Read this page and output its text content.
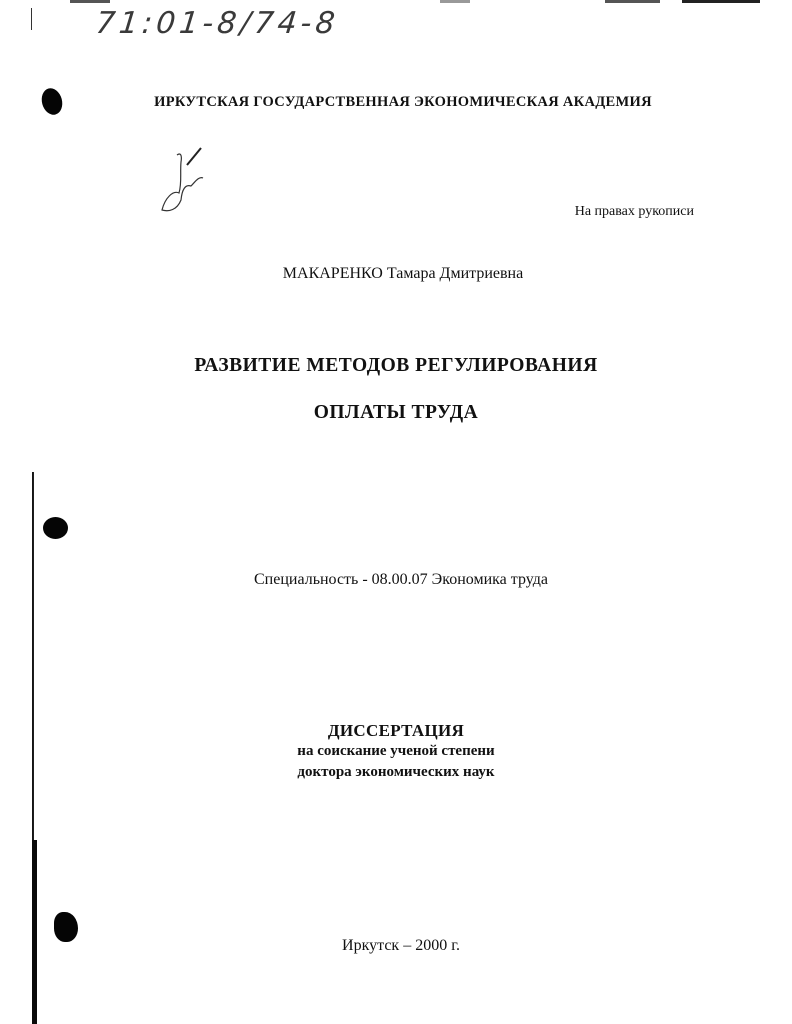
71:01-8/74-8
ИРКУТСКАЯ ГОСУДАРСТВЕННАЯ ЭКОНОМИЧЕСКАЯ АКАДЕМИЯ
На правах рукописи
МАКАРЕНКО Тамара Дмитриевна
РАЗВИТИЕ МЕТОДОВ РЕГУЛИРОВАНИЯ
ОПЛАТЫ ТРУДА
Специальность - 08.00.07 Экономика труда
ДИССЕРТАЦИЯ
на соискание ученой степени
доктора экономических наук
Иркутск – 2000 г.
